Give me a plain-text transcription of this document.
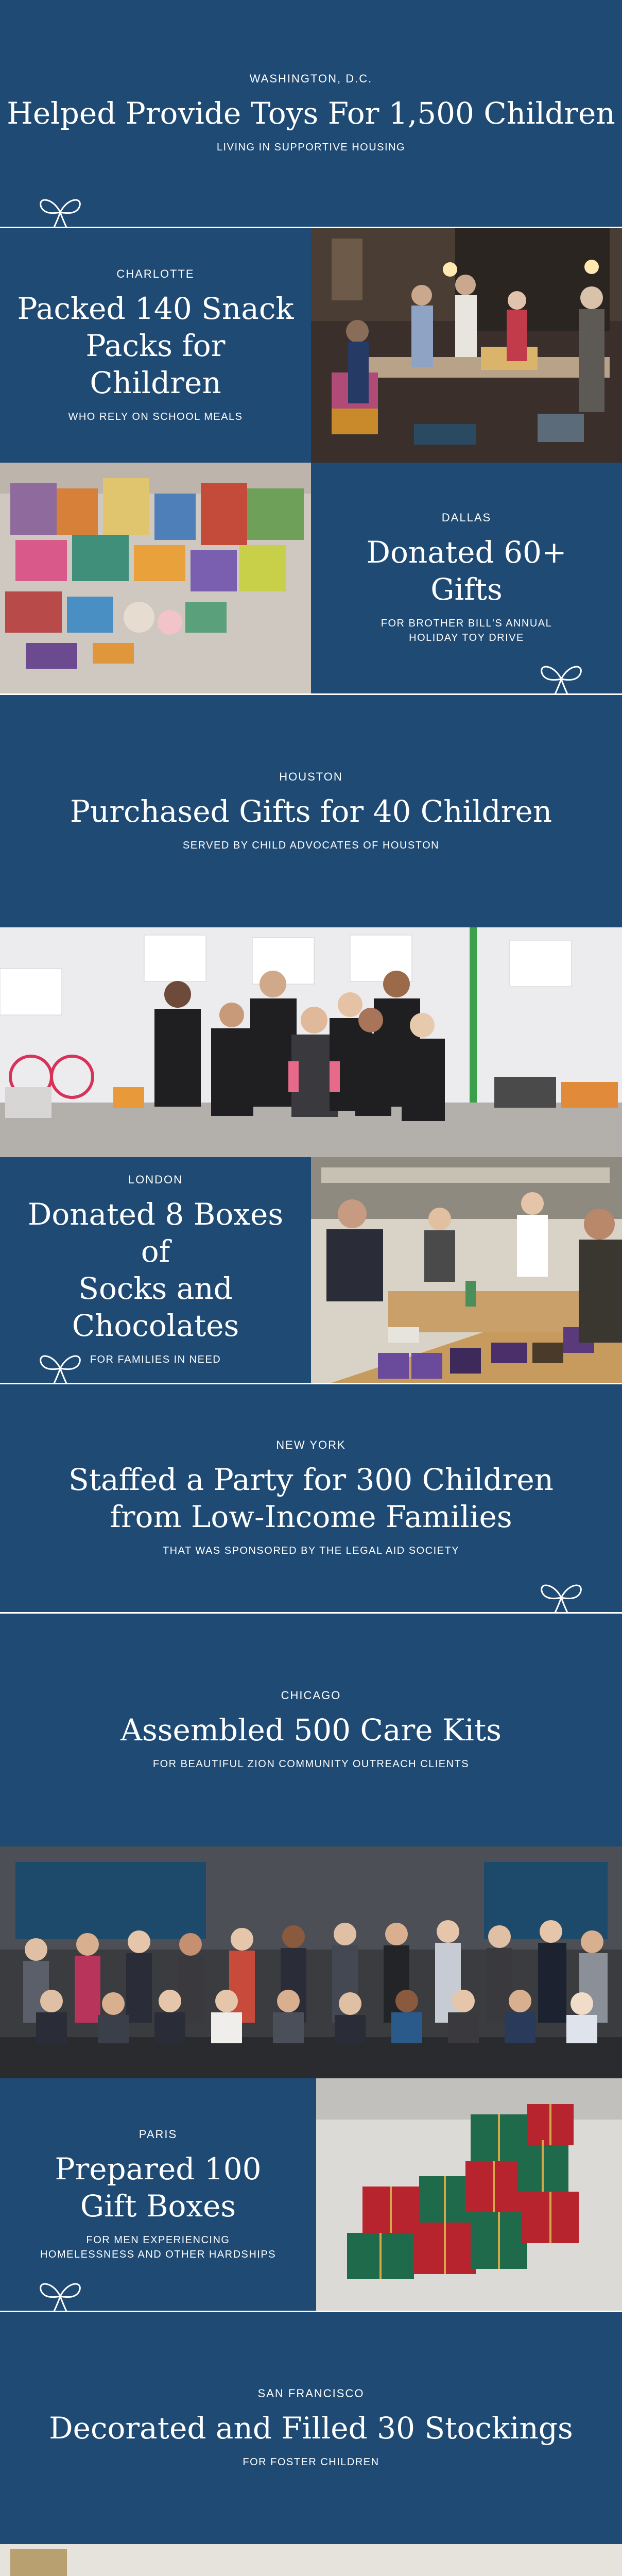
WASHINGTON, D.C.
Helped Provide Toys For 1,500 Children
LIVING IN SUPPORTIVE HOUSING
CHARLOTTE
Packed 140 Snack
Packs for Children
WHO RELY ON SCHOOL MEALS
DALLAS
Donated 60+ Gifts
FOR BROTHER BILL'S ANNUAL
HOLIDAY TOY DRIVE
HOUSTON
Purchased Gifts for 40 Children
SERVED BY CHILD ADVOCATES OF HOUSTON
LONDON
Donated 8 Boxes of
Socks and Chocolates
FOR FAMILIES IN NEED
NEW YORK
Staffed a Party for 300 Children
from Low-Income Families
THAT WAS SPONSORED BY THE LEGAL AID SOCIETY
CHICAGO
Assembled 500 Care Kits
FOR BEAUTIFUL ZION COMMUNITY OUTREACH CLIENTS
PARIS
Prepared 100
Gift Boxes
FOR MEN EXPERIENCING
HOMELESSNESS AND OTHER HARDSHIPS
SAN FRANCISCO
Decorated and Filled 30 Stockings
FOR FOSTER CHILDREN
